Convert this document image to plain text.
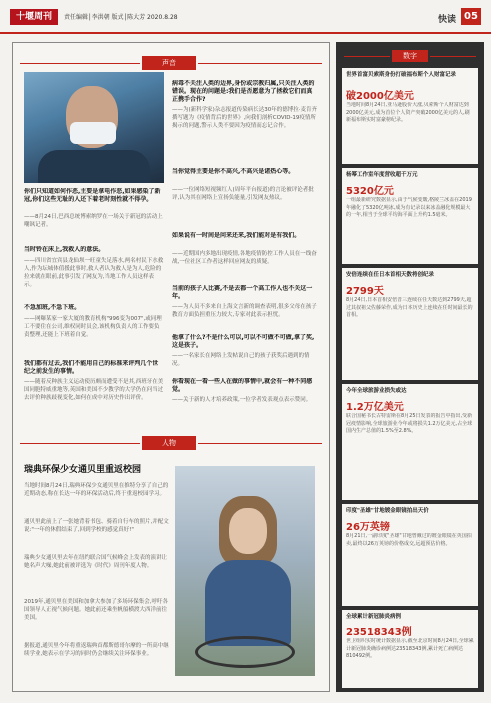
十堰周刊	责任编辑│李洪朝 版式│陈大芳 2020.8.28	快读 05
声音
你们只知道如何作恶,主要是拿电作恶,如果感染了新冠,你们这些无耻的人还下着老时刻性就不得孕。
——8月24日,巴西总统博索纳罗在一场关于新冠的活动上嘲讽记者。
当时铃在床上,我救人的意法。
——四川省宜宾县龙仙坝一旺童失足落水,两名村民下水救人,作为坛城体值援此事时,救人者认为救人是为人,危险的拉来就在眼前,此事引发了网友为,当地工作人员这样表示。
不急加班,不急下班。
——网曝某家一家大厦的教育机构"996变为007",或同理工不要住在公司,维权同时员会,该机构负责人的工作要负责整理,还能上下班着自觉。
我们都有过去,我们不能用自己的标准来评判几个世纪之前发生的事情。
——随着反种族主义运动使历颇而遭受不是其,西班牙在美国同胞特威重地等,英国和美国不少教学的大学仍在问当过去评价种族歧视变化,如何在成中对历史作出评价。
病毒不关注人类的边界,身份或宗教归属,只关注人类的错误。现在的问题是:我们是否愿意为了拯救它们而真正携手合作?
——为(新科学家)杂志报道传染病长达30年的德博拉·麦肯齐撰写题为《疫情背后的世界》,向我们剖析COVID-19疫情所揭示的问题,警示人类不要因为疫情而忘记合作。
当你觉得主要是你不高兴,不高兴是诸热心等。
——一位网络短视频红人(周年平台报道)的言论被评论者批评,认为其在网络上宣扬负能量,引发网友热议。
如果说有一时间是问来还来,我们能对是有我们。
——近期国内多地出现疫情,各地疫情防控工作人员在一线奋战,一位社区工作者这样回应网友的质疑。
当前的孩子人比赛,不是去都一个高工作人也不关这一年。
——为人员不多来自上海文言新的调查表明,很多父母在孩子教育方面负担重压力较大,专家对此表示担忧。
他拿了什么?不是什么可以,可以不可做不可做,拿了奖,这是孩子。
——一名家长在网络上发帖说自己的孩子获奖后遇到的情况。
你看现在一看一些人在做的事情中,就会有一种不同感觉。
——关于新的人才培养政策,一位学者发表观点表示赞同。
人物
瑞典环保少女通贝里重返校园
当地时间8月24日,瑞典环保少女通贝里在推特分享了自己的近期动态,称在长达一年的环保活动后,终于重返校园学习。
通贝里此前上了一张她背着书包、骑着自行车的照片,并配文说:"一年的休假结束了,回到学校的感觉真好!"
瑞典少女通贝里去年在纽约联合国气候峰会上发表的演讲让她名声大噪,她此前被评选为《时代》周刊年度人物。
2019年,通贝里在美国和加拿大参加了多场环保集会,呼吁各国领导人正视气候问题。她此前还乘坐帆船横渡大西洋前往美国。
据报道,通贝里今年将重返瑞典首都斯德哥尔摩的一所高中继续学业,她表示在学习的同时仍会继续关注环保事业。
数字
世界首富贝索斯身份打破福布斯个人财富记录
破2000亿美元
当地时间8月24日,亚马逊股价大涨,贝索斯个人财富达到2000亿美元,成为首位个人资产突破2000亿美元的人,刷新福布斯实时富豪榜纪录。
杨幂工作室年度营收超千万元
5320亿元
一组最新研究数据显示,由于气候变暖,格陵兰冰盖在2019年融化了5320亿吨冰,成为有记录以来冰盖融化规模最大的一年,相当于全球平均海平面上升约1.5毫米。
安倍连续在任日本首相天数将创纪录
2799天
8月24日,日本首相安倍晋三连续在任天数达到2799天,超过其叔祖父佐藤荣作,成为日本历史上连续在任时间最长的首相。
今年全球旅游业损失或达
1.2万亿美元
联合国秘书长古特雷斯在8月25日发表的报告中指出,受新冠疫情影响,全球旅游业今年或将损失1.2万亿美元,占全球国内生产总值的1.5%至2.8%。
印度"圣雄"甘地镀金眼镜拍出天价
26万英镑
8月21日,一副印度"圣雄"甘地曾戴过的镀金眼镜在英国拍卖,最终以26万英镑的价格成交,远超预估价格。
全球累计新冠肺炎病例
23518343例
世卫组织实时统计数据显示,截至北京时间8月24日,全球累计新冠肺炎确诊病例达23518343例,累计死亡病例达810492例。
